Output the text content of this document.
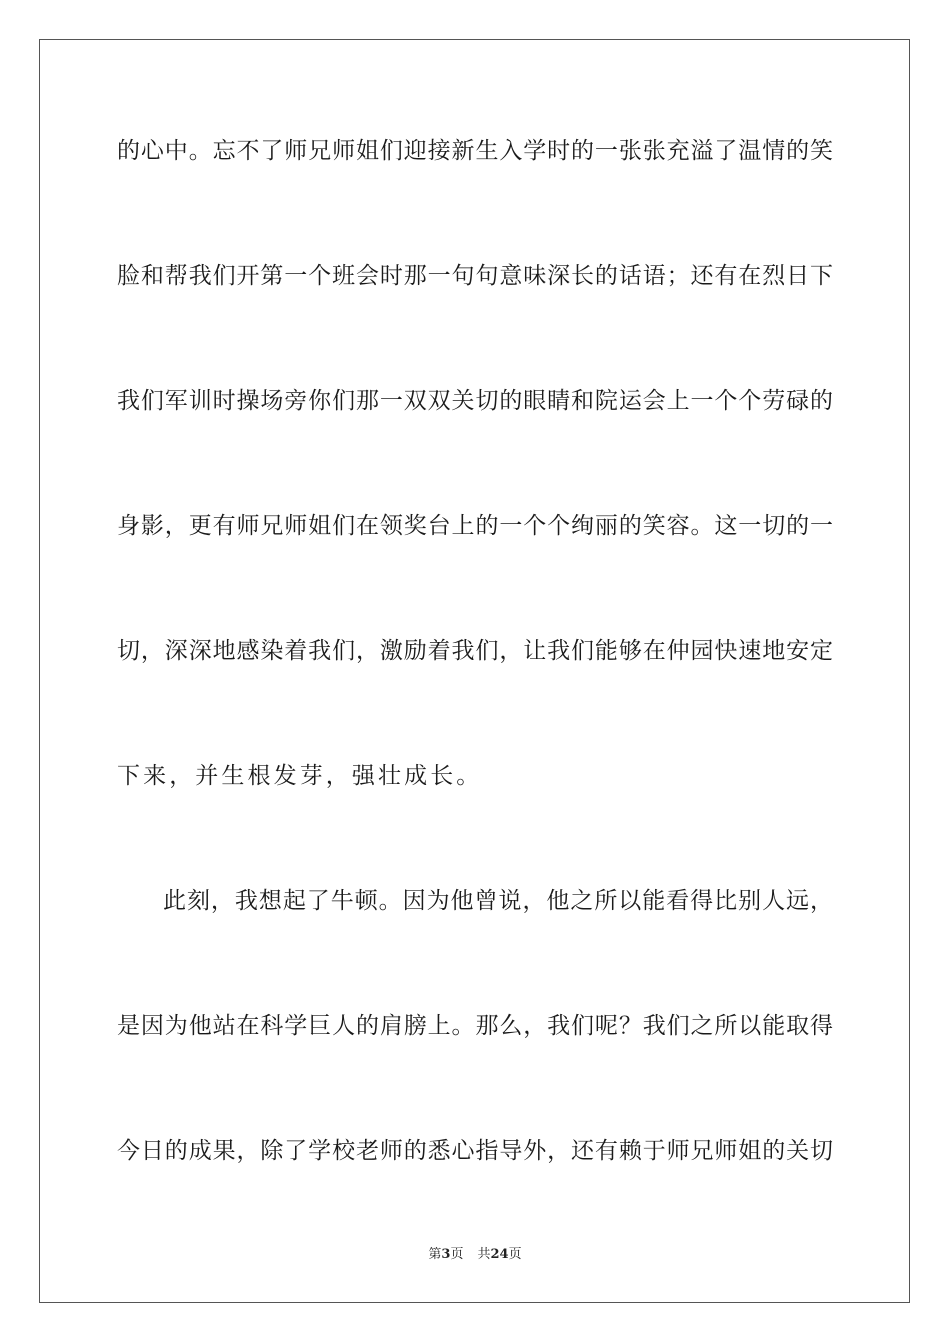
的心中。忘不了师兄师姐们迎接新生入学时的一张张充溢了温情的笑
脸和帮我们开第一个班会时那一句句意味深长的话语；还有在烈日下
我们军训时操场旁你们那一双双关切的眼睛和院运会上一个个劳碌的
身影，更有师兄师姐们在领奖台上的一个个绚丽的笑容。这一切的一
切，深深地感染着我们，激励着我们，让我们能够在仲园快速地安定
下来，并生根发芽，强壮成长。
此刻，我想起了牛顿。因为他曾说，他之所以能看得比别人远，
是因为他站在科学巨人的肩膀上。那么，我们呢？我们之所以能取得
今日的成果，除了学校老师的悉心指导外，还有赖于师兄师姐的关切
第3页 共24页
